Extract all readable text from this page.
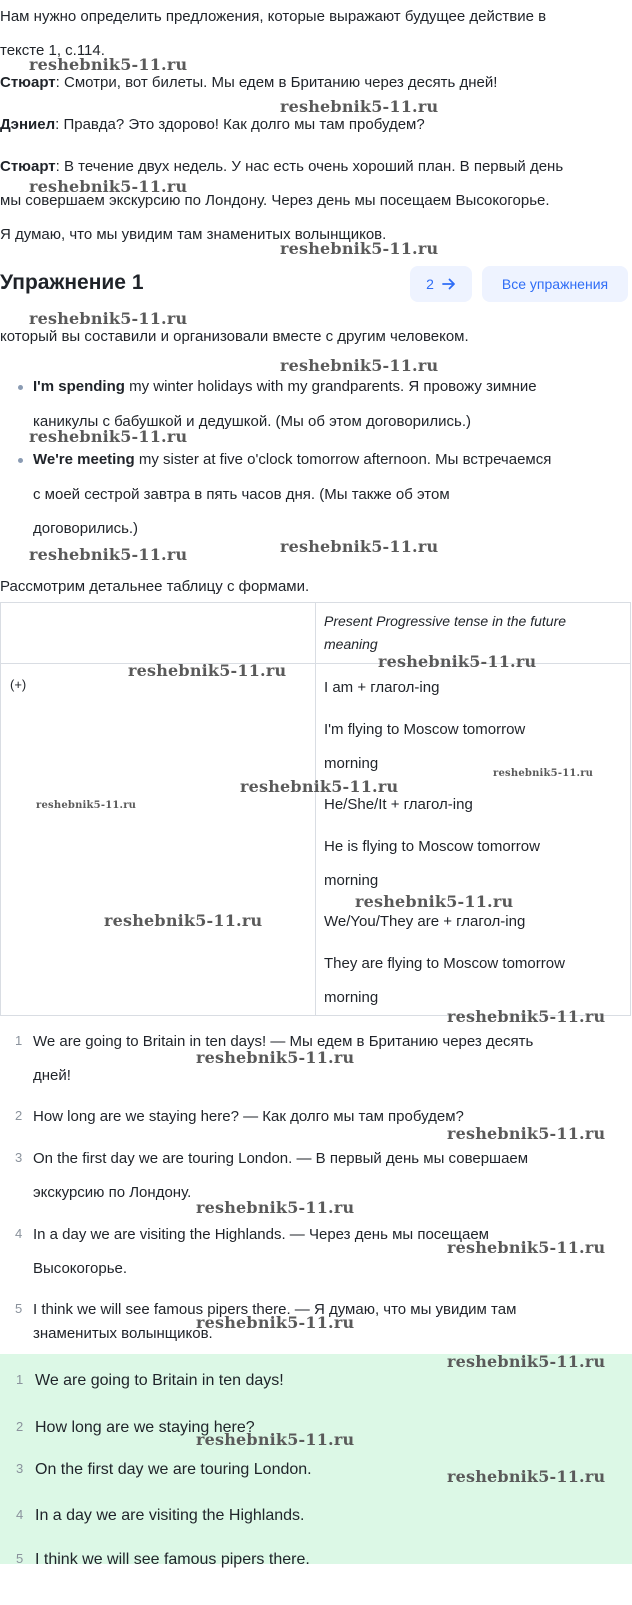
Нам нужно определить предложения, которые выражают будущее действие в
тексте 1, с.114.
Стюарт: Смотри, вот билеты. Мы едем в Британию через десять дней!
Дэниел: Правда? Это здорово! Как долго мы там пробудем?
Стюарт: В течение двух недель. У нас есть очень хороший план. В первый день
мы совершаем экскурсию по Лондону. Через день мы посещаем Высокогорье.
Я думаю, что мы увидим там знаменитых волынщиков.
Упражнение 1	2	Все упражнения
который вы составили и организовали вместе с другим человеком.
I'm spending my winter holidays with my grandparents. Я провожу зимние
каникулы с бабушкой и дедушкой. (Мы об этом договорились.)
We're meeting my sister at five o'clock tomorrow afternoon. Мы встречаемся
с моей сестрой завтра в пять часов дня. (Мы также об этом
договорились.)
Рассмотрим детальнее таблицу с формами.
Present Progressive tense in the future
meaning
(+)	I am + глагол-ing
I'm flying to Moscow tomorrow
morning
He/She/It + глагол-ing
He is flying to Moscow tomorrow
morning
We/You/They are + глагол-ing
They are flying to Moscow tomorrow
morning
1 We are going to Britain in ten days! — Мы едем в Британию через десять
дней!
2 How long are we staying here? — Как долго мы там пробудем?
3 On the first day we are touring London. — В первый день мы совершаем
экскурсию по Лондону.
4 In a day we are visiting the Highlands. — Через день мы посещаем
Высокогорье.
5 I think we will see famous pipers there. — Я думаю, что мы увидим там
знаменитых волынщиков.
1 We are going to Britain in ten days!
2 How long are we staying here?
3 On the first day we are touring London.
4 In a day we are visiting the Highlands.
5 I think we will see famous pipers there.
reshebnik5-11.ru
reshebnik5-11.ru
reshebnik5-11.ru
reshebnik5-11.ru
reshebnik5-11.ru
reshebnik5-11.ru
reshebnik5-11.ru
reshebnik5-11.ru	reshebnik5-11.ru
reshebnik5-11.ru
reshebnik5-11.ru
reshebnik5-11.ru
reshebnik5-11.ru
reshebnik5-11.ru
reshebnik5-11.ru
reshebnik5-11.ru
reshebnik5-11.ru
reshebnik5-11.ru
reshebnik5-11.ru
reshebnik5-11.ru
reshebnik5-11.ru
reshebnik5-11.ru
reshebnik5-11.ru
reshebnik5-11.ru
reshebnik5-11.ru
